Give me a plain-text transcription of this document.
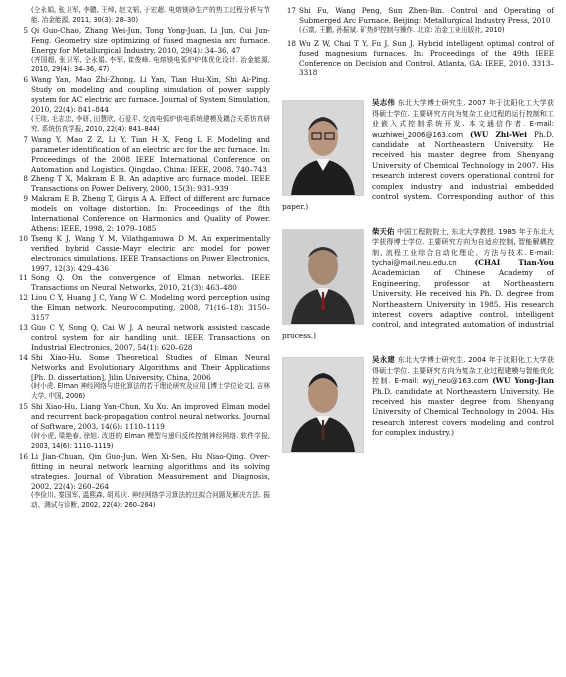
(仝永娟, 张卫军, 李鹏, 王绰, 赵文韬, 于宏超. 电熔镁砂生产的热工过程分析与节能. 冶金能源, 2011, 30(3): 28–30)
5 Qi Guo-Chao, Zhang Wei-Jun, Tong Yong-Juan, Li Jun, Cui Jun-Feng. Geometry size optimizing of fused magnesia arc furnace. Energy for Metallurgical Industry, 2010, 29(4): 34–36, 47
(齐国超, 张卫军, 仝永娟, 李军, 崔俊峰. 电熔镁电弧炉炉体优化设计. 冶金能源, 2010, 29(4): 34–36, 47)
6 Wang Yan, Mao Zhi-Zhong, Li Yan, Tian Hui-Xin, Shi Ai-Ping. Study on modeling and coupling simulation of power supply system for AC electric arc furnace. Journal of System Simulation, 2010, 22(4): 841–844
(王琰, 毛志忠, 李妍, 田慧欣, 石爱平. 交流电弧炉供电系统建模及耦合关系仿真研究. 系统仿真学报, 2010, 22(4): 841–844)
7 Wang Y, Mao Z Z, Li Y, Tian H X, Feng L F. Modeling and parameter identification of an electric arc for the arc furnace. In: Proceedings of the 2008 IEEE International Conference on Automation and Logistics. Qingdao, China: IEEE, 2008. 740–743
8 Zheng T X, Makram E B. An adaptive arc furnace model. IEEE Transactions on Power Delivery, 2000, 15(3): 931–939
9 Makram E B, Zheng T, Girgis A A. Effect of different arc furnace models on voltage distortion. In: Proceedings of the 8th International Conference on Harmonics and Quality of Power. Athens: IEEE, 1998, 2: 1079–1085
10 Tseng K J, Wang Y M, Vilathgamuwa D M. An experimentally verified hybrid Cassie-Mayr electric arc model for power electronics simulations. IEEE Transactions on Power Electronics, 1997, 12(3): 429–436
11 Song Q. On the convergence of Elman networks. IEEE Transactions on Neural Networks, 2010, 21(3): 463–480
12 Liou C Y, Huang J C, Yang W C. Modeling word perception using the Elman network. Neurocomputing, 2008, 71(16–18): 3150–3157
13 Guo C Y, Song Q, Cai W J. A neural network assisted cascade control system for air handling unit. IEEE Transactions on Industrial Electronics, 2007, 54(1): 620–628
14 Shi Xiao-Hu. Some Theoretical Studies of Elman Neural Networks and Evolutionary Algorithms and Their Applications [Ph. D. dissertation], Jilin University, China, 2006
(时小虎. Elman 神经网络与进化算法的若干理论研究及应用 [博士学位论文], 吉林大学, 中国, 2006)
15 Shi Xiao-Hu, Liang Yan-Chun, Xu Xu. An improved Elman model and recurrent back-propagation control neural networks. Journal of Software, 2003, 14(6): 1110–1119
(时小虎, 梁艳春, 徐旭. 改进的 Elman 模型与递归反传控制神经网络. 软件学报, 2003, 14(6): 1110–1119)
16 Li Jian-Chuan, Qin Guo-Jun, Wen Xi-Sen, Hu Niao-Qing. Over-fitting in neural network learning algorithms and its solving strategies. Journal of Vibration Measurement and Diagnosis, 2002, 22(4): 260–264
(李俭川, 秦国军, 温熙森, 胡茑庆. 神经网络学习算法的过拟合问题及解决方法. 振动、测试与诊断, 2002, 22(4): 260–264)
17 Shi Fu, Wang Peng, Sun Zhen-Bin. Control and Operating of Submerged Arc Furnace. Beijing: Metallurgical Industry Press, 2010
(石富, 王鹏, 孙振斌. 矿热炉控制与操作. 北京: 冶金工业出版社, 2010)
18 Wu Z W, Chai T Y, Fu J, Sun J. Hybrid intelligent optimal control of fused magnesium furnaces. In: Proceedings of the 49th IEEE Conference on Decision and Control. Atlanta, GA: IEEE, 2010. 3313–3318
吴志伟 东北大学博士研究生. 2007 年于沈阳化工大学获得硕士学位. 主要研究方向为复杂工业过程的运行控制和工业嵌入式控制系统开发. 本文通信作者. E-mail: wuzhiwei_2006@163.com (WU Zhi-Wei Ph.D. candidate at Northeastern University. He received his master degree from Shenyang University of Chemical Technology in 2007. His research interest covers operational control for complex industry and industrial embedded control system. Corresponding author of this paper.)
柴天佑 中国工程院院士, 东北大学教授. 1985 年于东北大学获得博士学位. 主要研究方向为自适应控制, 智能解耦控制, 流程工业综合自动化理论、方法与技术. E-mail: tychai@mail.neu.edu.cn (CHAI Tian-You Academician of Chinese Academy of Engineering, professor at Northeastern University. He received his Ph. D. degree from Northeastern University in 1985. His research interest covers adaptive control, intelligent control, and integrated automation of industrial process.)
吴永建 东北大学博士研究生. 2004 年于沈阳化工大学获得硕士学位. 主要研究方向为复杂工业过程建模与智能优化控制. E-mail: wyj_neu@163.com (WU Yong-Jian Ph.D. candidate at Northeastern University. He received his master degree from Shenyang University of Chemical Technology in 2004. His research interest covers modeling and control for complex industry.)
